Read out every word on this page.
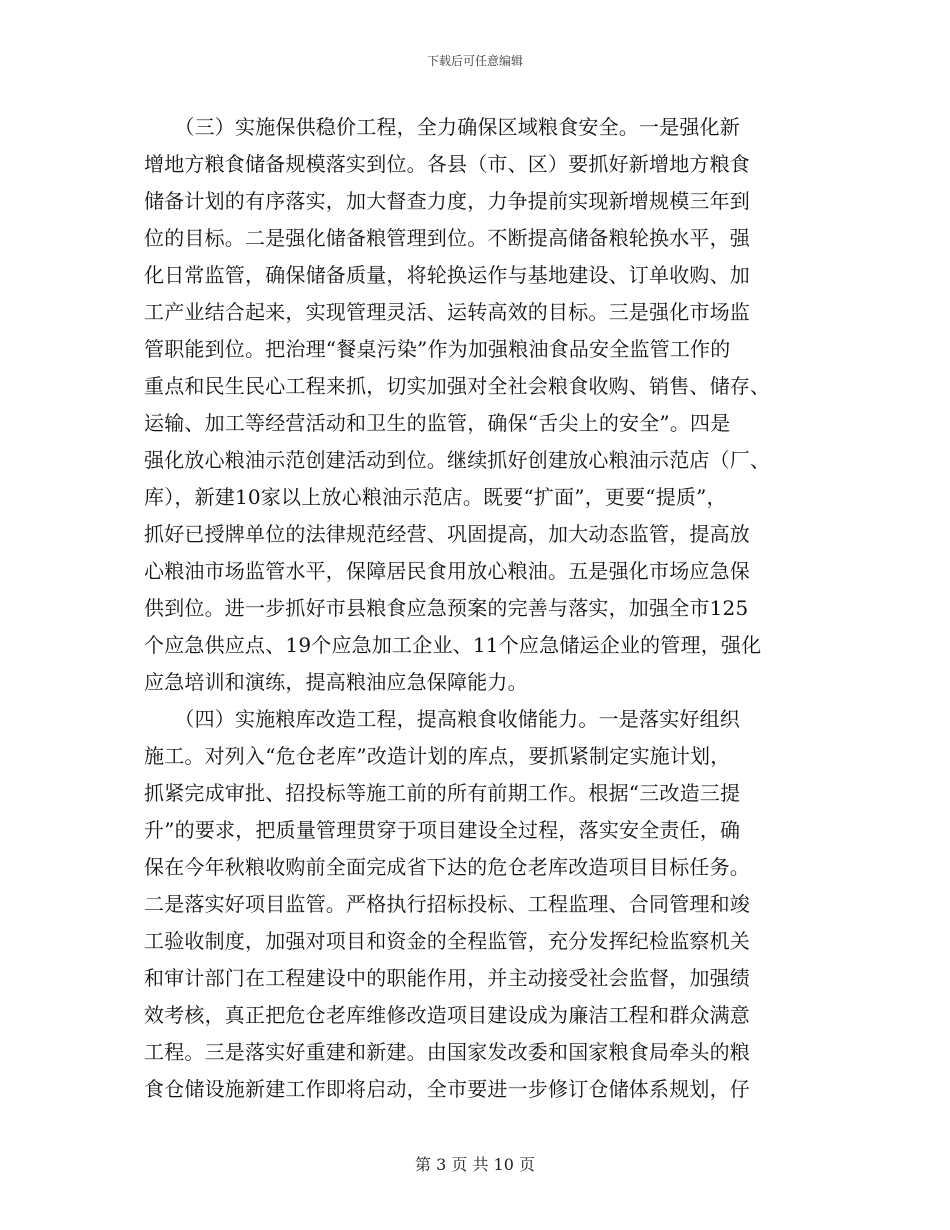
下载后可任意编辑
　　（三）实施保供稳价工程，全力确保区域粮食安全。一是强化新
增地方粮食储备规模落实到位。各县（市、区）要抓好新增地方粮食
储备计划的有序落实，加大督查力度，力争提前实现新增规模三年到
位的目标。二是强化储备粮管理到位。不断提高储备粮轮换水平，强
化日常监管，确保储备质量，将轮换运作与基地建设、订单收购、加
工产业结合起来，实现管理灵活、运转高效的目标。三是强化市场监
管职能到位。把治理“餐桌污染”作为加强粮油食品安全监管工作的
重点和民生民心工程来抓，切实加强对全社会粮食收购、销售、储存、
运输、加工等经营活动和卫生的监管，确保“舌尖上的安全”。四是
强化放心粮油示范创建活动到位。继续抓好创建放心粮油示范店（厂、
库），新建10家以上放心粮油示范店。既要“扩面”，更要“提质”，
抓好已授牌单位的法律规范经营、巩固提高，加大动态监管，提高放
心粮油市场监管水平，保障居民食用放心粮油。五是强化市场应急保
供到位。进一步抓好市县粮食应急预案的完善与落实，加强全市125
个应急供应点、19个应急加工企业、11个应急储运企业的管理，强化
应急培训和演练，提高粮油应急保障能力。
　　（四）实施粮库改造工程，提高粮食收储能力。一是落实好组织
施工。对列入“危仓老库”改造计划的库点，要抓紧制定实施计划，
抓紧完成审批、招投标等施工前的所有前期工作。根据“三改造三提
升”的要求，把质量管理贯穿于项目建设全过程，落实安全责任，确
保在今年秋粮收购前全面完成省下达的危仓老库改造项目目标任务。
二是落实好项目监管。严格执行招标投标、工程监理、合同管理和竣
工验收制度，加强对项目和资金的全程监管，充分发挥纪检监察机关
和审计部门在工程建设中的职能作用，并主动接受社会监督，加强绩
效考核，真正把危仓老库维修改造项目建设成为廉洁工程和群众满意
工程。三是落实好重建和新建。由国家发改委和国家粮食局牵头的粮
食仓储设施新建工作即将启动，全市要进一步修订仓储体系规划，仔
第 3 页 共 10 页
